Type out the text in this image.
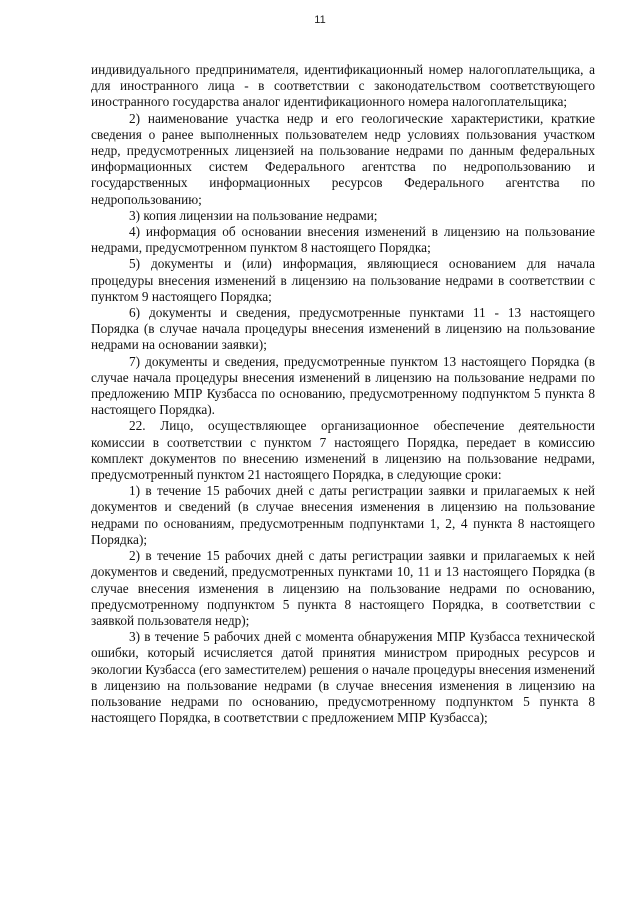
11

индивидуального предпринимателя, идентификационный номер налогоплательщика, а для иностранного лица - в соответствии с законодательством соответствующего иностранного государства аналог идентификационного номера налогоплательщика;

2) наименование участка недр и его геологические характеристики, краткие сведения о ранее выполненных пользователем недр условиях пользования участком недр, предусмотренных лицензией на пользование недрами по данным федеральных информационных систем Федерального агентства по недропользованию и государственных информационных ресурсов Федерального агентства по недропользованию;

3) копия лицензии на пользование недрами;

4) информация об основании внесения изменений в лицензию на пользование недрами, предусмотренном пунктом 8 настоящего Порядка;

5) документы и (или) информация, являющиеся основанием для начала процедуры внесения изменений в лицензию на пользование недрами в соответствии с пунктом 9 настоящего Порядка;

6) документы и сведения, предусмотренные пунктами 11 - 13 настоящего Порядка (в случае начала процедуры внесения изменений в лицензию на пользование недрами на основании заявки);

7) документы и сведения, предусмотренные пунктом 13 настоящего Порядка (в случае начала процедуры внесения изменений в лицензию на пользование недрами по предложению МПР Кузбасса по основанию, предусмотренному подпунктом 5 пункта 8 настоящего Порядка).

22. Лицо, осуществляющее организационное обеспечение деятельности комиссии в соответствии с пунктом 7 настоящего Порядка, передает в комиссию комплект документов по внесению изменений в лицензию на пользование недрами, предусмотренный пунктом 21 настоящего Порядка, в следующие сроки:

1) в течение 15 рабочих дней с даты регистрации заявки и прилагаемых к ней документов и сведений (в случае внесения изменения в лицензию на пользование недрами по основаниям, предусмотренным подпунктами 1, 2, 4 пункта 8 настоящего Порядка);

2) в течение 15 рабочих дней с даты регистрации заявки и прилагаемых к ней документов и сведений, предусмотренных пунктами 10, 11 и 13 настоящего Порядка (в случае внесения изменения в лицензию на пользование недрами по основанию, предусмотренному подпунктом 5 пункта 8 настоящего Порядка, в соответствии с заявкой пользователя недр);

3) в течение 5 рабочих дней с момента обнаружения МПР Кузбасса технической ошибки, который исчисляется датой принятия министром природных ресурсов и экологии Кузбасса (его заместителем) решения о начале процедуры внесения изменений в лицензию на пользование недрами (в случае внесения изменения в лицензию на пользование недрами по основанию, предусмотренному подпунктом 5 пункта 8 настоящего Порядка, в соответствии с предложением МПР Кузбасса);
